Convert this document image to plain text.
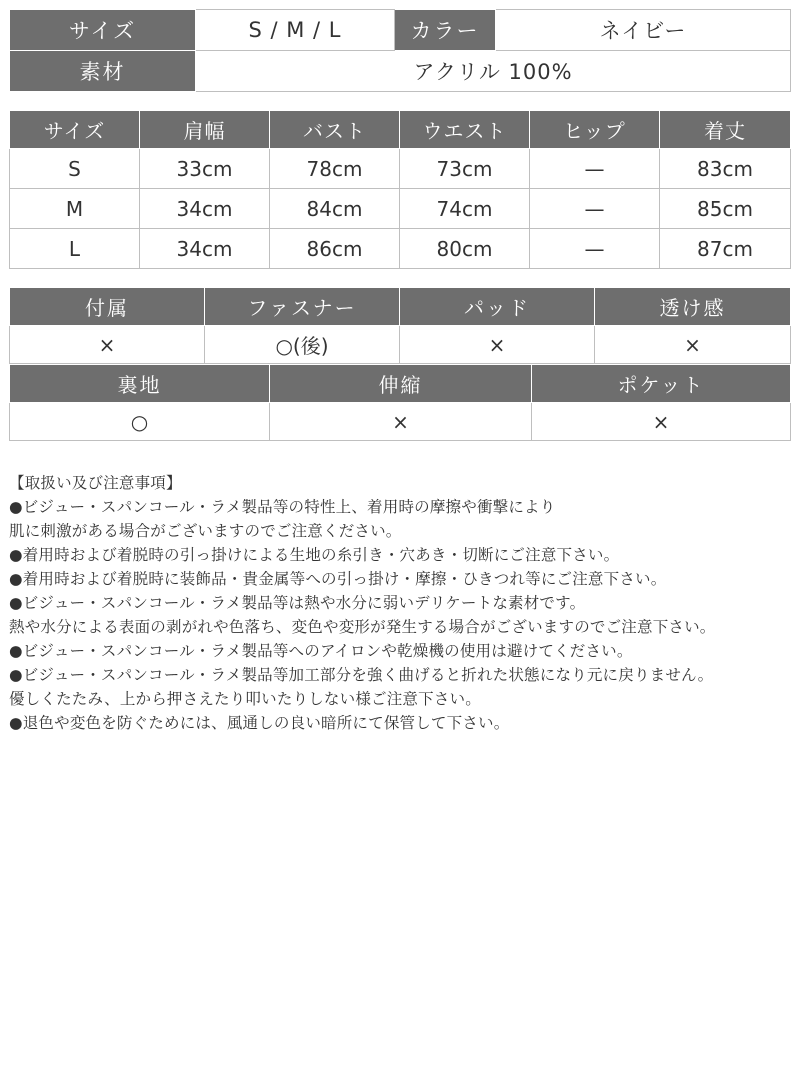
サイズ	S / M / L	カラー	ネイビー
素材	アクリル 100%		
サイズ	肩幅	バスト	ウエスト	ヒップ	着丈
S	33cm	78cm	73cm	—	83cm
M	34cm	84cm	74cm	—	85cm
L	34cm	86cm	80cm	—	87cm
付属	ファスナー	パッド	透け感
×	○(後)	×	×
裏地	伸縮	ポケット
○	×	×
【取扱い及び注意事項】
●ビジュー・スパンコール・ラメ製品等の特性上、着用時の摩擦や衝撃により
肌に刺激がある場合がございますのでご注意ください。
●着用時および着脱時の引っ掛けによる生地の糸引き・穴あき・切断にご注意下さい。
●着用時および着脱時に装飾品・貴金属等への引っ掛け・摩擦・ひきつれ等にご注意下さい。
●ビジュー・スパンコール・ラメ製品等は熱や水分に弱いデリケートな素材です。
熱や水分による表面の剥がれや色落ち、変色や変形が発生する場合がございますのでご注意下さい。
●ビジュー・スパンコール・ラメ製品等へのアイロンや乾燥機の使用は避けてください。
●ビジュー・スパンコール・ラメ製品等加工部分を強く曲げると折れた状態になり元に戻りません。
優しくたたみ、上から押さえたり叩いたりしない様ご注意下さい。
●退色や変色を防ぐためには、風通しの良い暗所にて保管して下さい。
